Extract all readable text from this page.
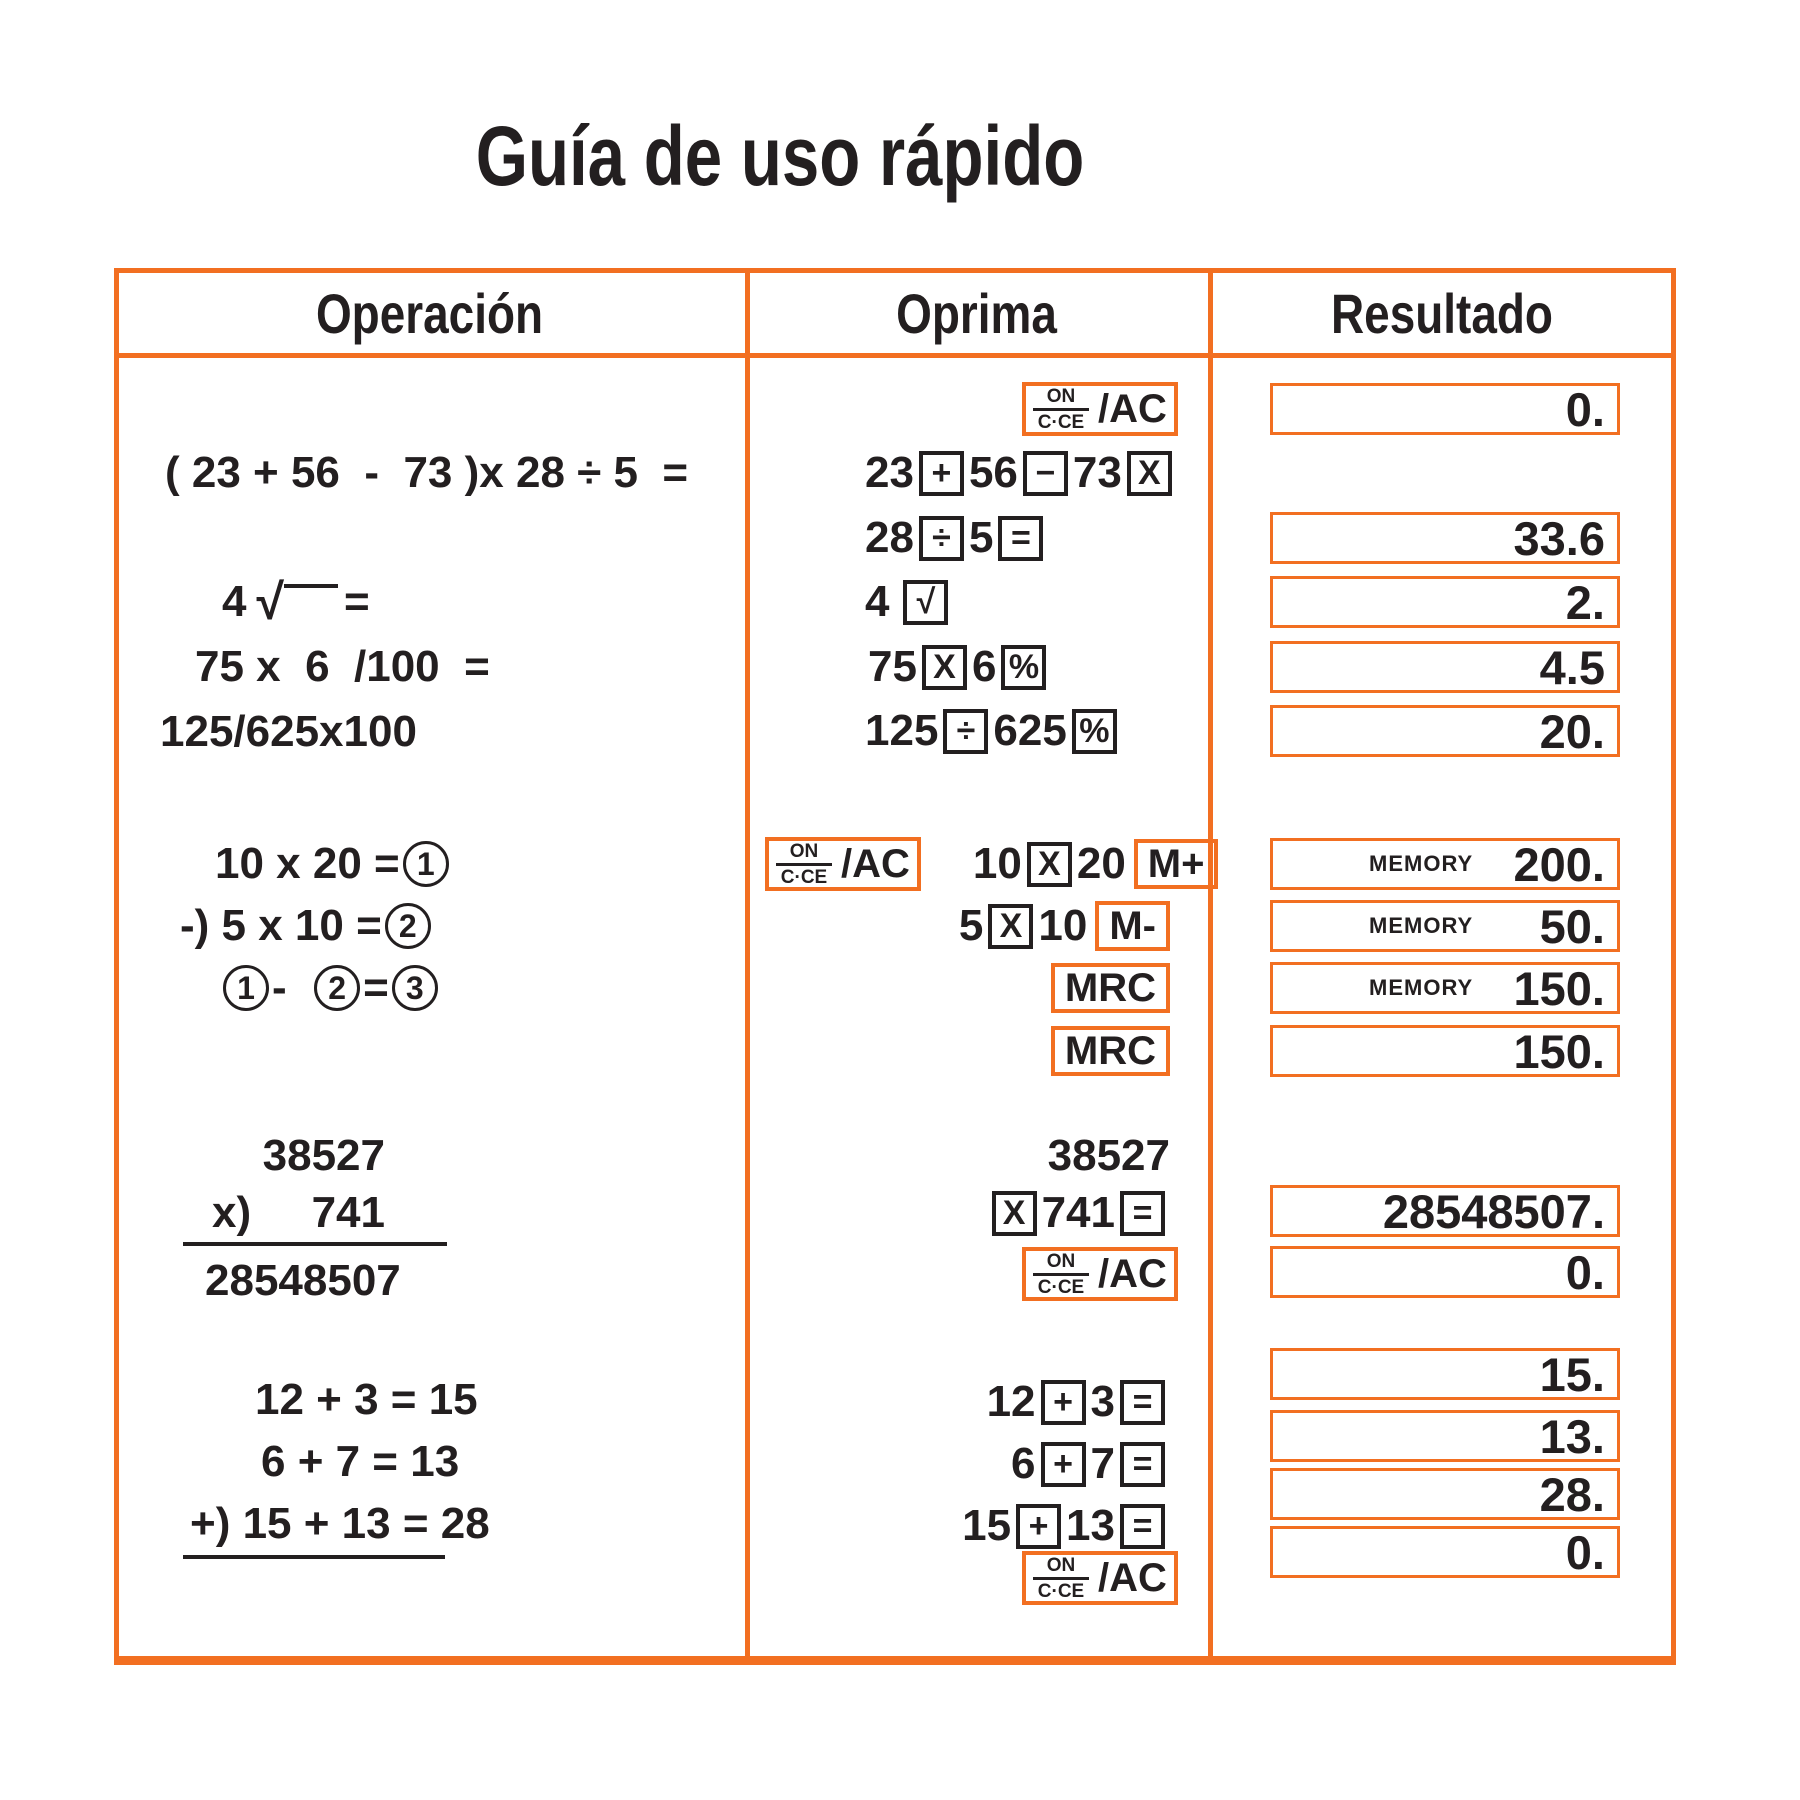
Guía de uso rápido
Operación	Oprima	Resultado
( 23 + 56  -  73 )x 28 ÷ 5  =
4 √ =
75 x  6  /100  =
125/625x100
10 x 20 = 1
-) 5 x 10 = 2
1 - 2 = 3
38527
x) 741
28548507
12 + 3 = 15
6 + 7 = 13
+) 15 + 13 = 28
$\frac{ON}{C\cdot CE} /AC$
23 + 56 − 73 X
28 ÷ 5 =
4 √
75 X 6 %
125 ÷ 625 %
$\frac{ON}{C\cdot CE} /AC$ 10 X 20 M+
5 X 10 M-
MRC
MRC
38527
X 741 =
$\frac{ON}{C\cdot CE} /AC$
12 + 3 =
6 + 7 =
15 + 13 =
$\frac{ON}{C\cdot CE} /AC$
0.
33.6
2.
4.5
20.
MEMORY 200.
MEMORY 50.
MEMORY 150.
150.
28548507.
0.
15.
13.
28.
0.
